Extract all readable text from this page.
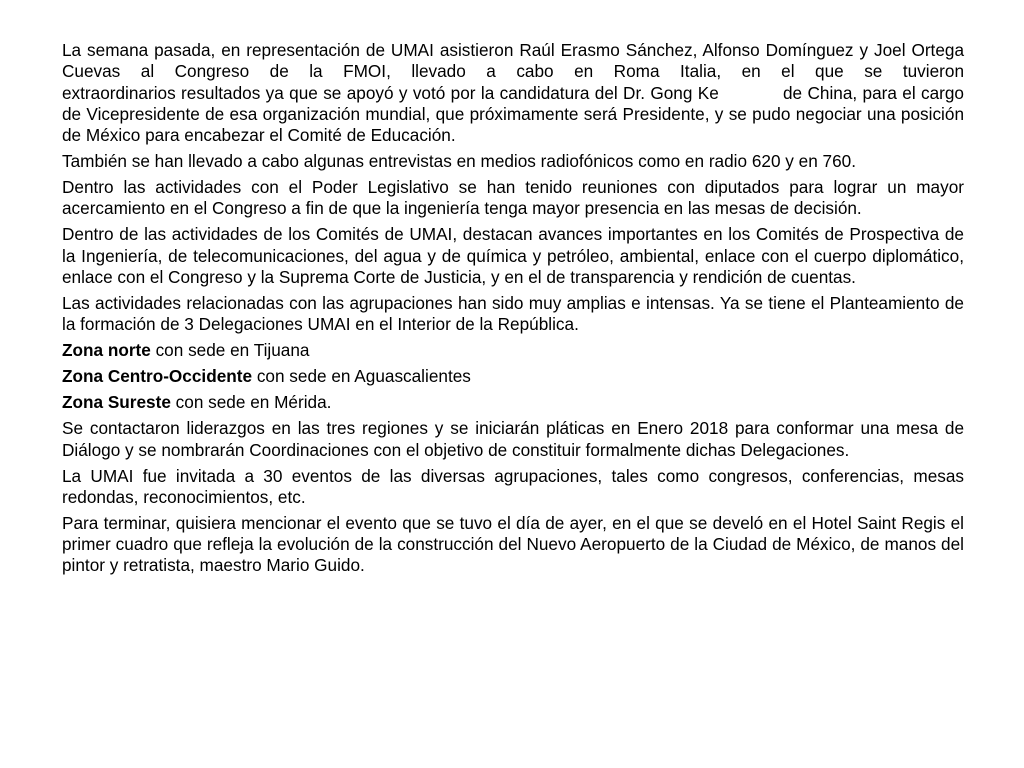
La semana pasada, en representación de UMAI asistieron Raúl Erasmo Sánchez, Alfonso Domínguez y Joel Ortega Cuevas al Congreso de la FMOI, llevado a cabo en Roma Italia, en el que se tuvieron extraordinarios resultados ya que se apoyó y votó por la candidatura del Dr. Gong Ke            de China, para el cargo de Vicepresidente de esa organización mundial, que próximamente será Presidente, y se pudo negociar una posición de México para encabezar el Comité de Educación.

También se han llevado a cabo algunas entrevistas en medios radiofónicos como en radio 620 y en 760.

Dentro las actividades con el Poder Legislativo se han tenido reuniones con diputados para lograr un mayor acercamiento en el Congreso a fin de que la ingeniería tenga mayor presencia en las mesas de decisión.

Dentro de las actividades de los Comités de UMAI, destacan avances importantes en los Comités de Prospectiva de la Ingeniería, de telecomunicaciones, del agua y de química y petróleo, ambiental, enlace con el cuerpo diplomático, enlace con el Congreso y la Suprema Corte de Justicia, y en el de transparencia y rendición de cuentas.

Las actividades relacionadas con las agrupaciones han sido muy amplias e intensas. Ya se tiene el Planteamiento de la formación de 3 Delegaciones UMAI en el Interior de la República.

Zona norte con sede en Tijuana

Zona Centro-Occidente con sede en Aguascalientes

Zona Sureste con sede en Mérida.

Se contactaron liderazgos en las tres regiones y se iniciarán pláticas en Enero 2018 para conformar una mesa de Diálogo y se nombrarán Coordinaciones con el objetivo de constituir formalmente dichas Delegaciones.

La UMAI fue invitada a 30 eventos de las diversas agrupaciones, tales como congresos, conferencias, mesas redondas, reconocimientos, etc.

Para terminar, quisiera mencionar el evento que se tuvo el día de ayer, en el que se develó en el Hotel Saint Regis el primer cuadro que refleja la evolución de la construcción del Nuevo Aeropuerto de la Ciudad de México, de manos del pintor y retratista, maestro Mario Guido.
